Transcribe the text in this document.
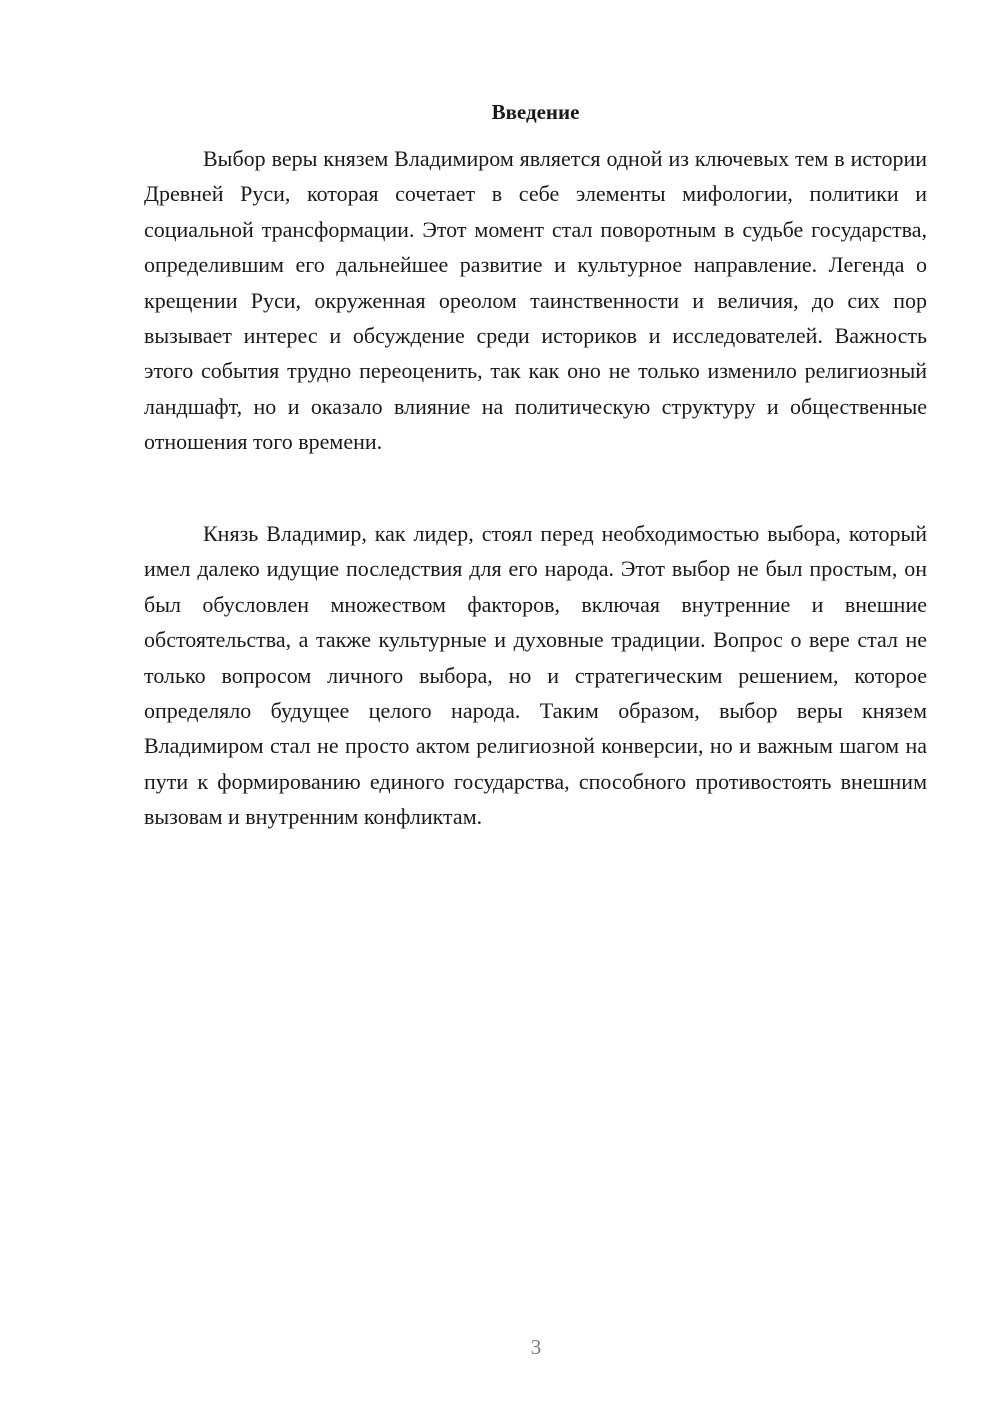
Введение

Выбор веры князем Владимиром является одной из ключевых тем в истории Древней Руси, которая сочетает в себе элементы мифологии, политики и социальной трансформации. Этот момент стал поворотным в судьбе государства, определившим его дальнейшее развитие и культурное направление. Легенда о крещении Руси, окруженная ореолом таинственности и величия, до сих пор вызывает интерес и обсуждение среди историков и исследователей. Важность этого события трудно переоценить, так как оно не только изменило религиозный ландшафт, но и оказало влияние на политическую структуру и общественные отношения того времени.

Князь Владимир, как лидер, стоял перед необходимостью выбора, который имел далеко идущие последствия для его народа. Этот выбор не был простым, он был обусловлен множеством факторов, включая внутренние и внешние обстоятельства, а также культурные и духовные традиции. Вопрос о вере стал не только вопросом личного выбора, но и стратегическим решением, которое определяло будущее целого народа. Таким образом, выбор веры князем Владимиром стал не просто актом религиозной конверсии, но и важным шагом на пути к формированию единого государства, способного противостоять внешним вызовам и внутренним конфликтам.

3
